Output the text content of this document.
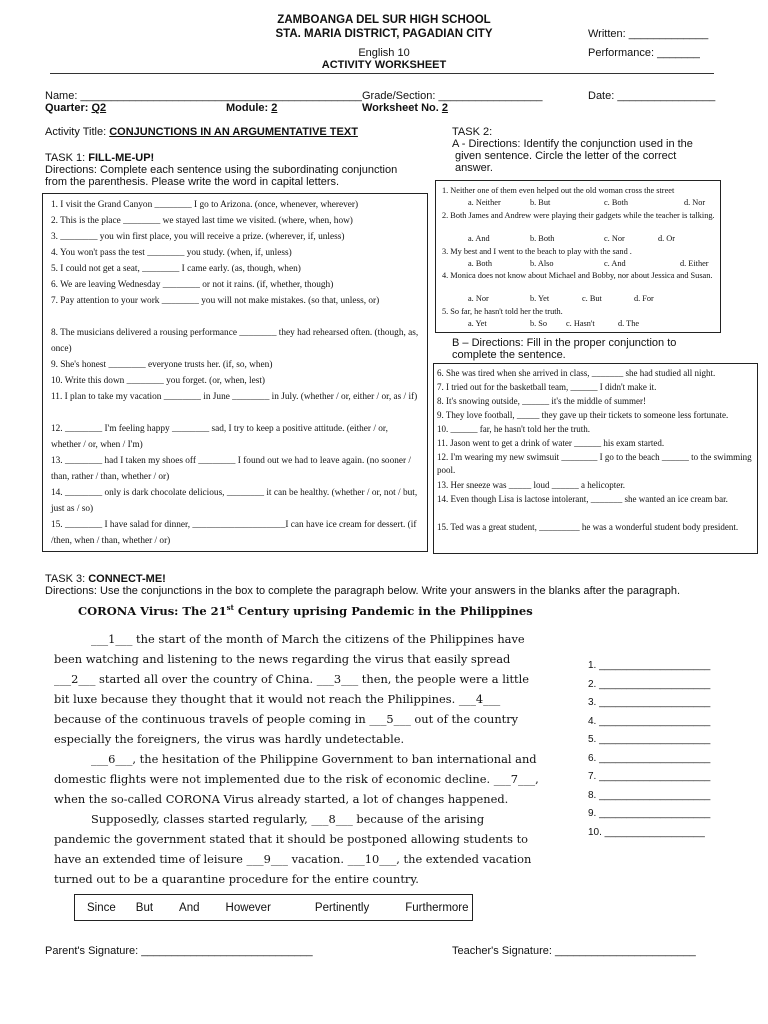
ZAMBOANGA DEL SUR HIGH SCHOOL
STA. MARIA DISTRICT, PAGADIAN CITY	Written: _____________
English 10	Performance: _______
ACTIVITY WORKSHEET
Name: ______________________________________________ Grade/Section: _________________	Date: ________________
Quarter: Q2	Module: 2	Worksheet No. 2
Activity Title: CONJUNCTIONS IN AN ARGUMENTATIVE TEXT
TASK 1: FILL-ME-UP!
Directions: Complete each sentence using the subordinating conjunction
from the parenthesis. Please write the word in capital letters.
1. I visit the Grand Canyon ________ I go to Arizona. (once, whenever, wherever)
2. This is the place ________ we stayed last time we visited. (where, when, how)
3. ________ you win first place, you will receive a prize. (wherever, if, unless)
4. You won't pass the test ________ you study. (when, if, unless)
5. I could not get a seat, ________ I came early. (as, though, when)
6. We are leaving Wednesday ________ or not it rains. (if, whether, though)
7. Pay attention to your work ________ you will not make mistakes. (so that, unless, or)
8. The musicians delivered a rousing performance ________ they had rehearsed often. (though, as, once)
9. She's honest ________ everyone trusts her. (if, so, when)
10. Write this down ________ you forget. (or, when, lest)
11. I plan to take my vacation ________ in June ________ in July. (whether / or, either / or, as / if)
12. ________ I'm feeling happy ________ sad, I try to keep a positive attitude. (either / or, whether / or, when / I'm)
13. ________ had I taken my shoes off ________ I found out we had to leave again. (no sooner / than, rather / than, whether / or)
14. ________ only is dark chocolate delicious, ________ it can be healthy. (whether / or, not / but, just as / so)
15. ________ I have salad for dinner, ____________________I can have ice cream for dessert. (if /then, when / than, whether / or)
TASK 2:
A - Directions: Identify the conjunction used in the
given sentence. Circle the letter of the correct
answer.
1. Neither one of them even helped out the old woman cross the street
a. Neither	b. But	c. Both	d. Nor
2. Both James and Andrew were playing their gadgets while the teacher is talking.
a. And	b. Both	c. Nor	d. Or
3. My best and I went to the beach to play with the sand .
a. Both	b. Also	c. And	d. Either
4. Monica does not know about Michael and Bobby, nor about Jessica and Susan.
a. Nor	b. Yet	c. But	d. For
5. So far, he hasn't told her the truth.
a. Yet	b. So c. Hasn't	d. The
B – Directions: Fill in the proper conjunction to
complete the sentence.
6. She was tired when she arrived in class, _______ she had studied all night.
7. I tried out for the basketball team, ______ I didn't make it.
8. It's snowing outside, ______ it's the middle of summer!
9. They love football, _____ they gave up their tickets to someone less fortunate.
10. ______ far, he hasn't told her the truth.
11. Jason went to get a drink of water ______ his exam started.
12. I'm wearing my new swimsuit ________ I go to the beach ______ to the swimming pool.
13. Her sneeze was _____ loud ______ a helicopter.
14. Even though Lisa is lactose intolerant, _______ she wanted an ice cream bar.
15. Ted was a great student, _________ he was a wonderful student body president.
TASK 3: CONNECT-ME!
Directions: Use the conjunctions in the box to complete the paragraph below. Write your answers in the blanks after the paragraph.
CORONA Virus: The 21st Century uprising Pandemic in the Philippines
___1___ the start of the month of March the citizens of the Philippines have
been watching and listening to the news regarding the virus that easily spread
___2___ started all over the country of China. ___3___ then, the people were a little
bit luxe because they thought that it would not reach the Philippines. ___4___
because of the continuous travels of people coming in ___5___ out of the country
especially the foreigners, the virus was hardly undetectable.
___6___, the hesitation of the Philippine Government to ban international and
domestic flights were not implemented due to the risk of economic decline. ___7___,
when the so-called CORONA Virus already started, a lot of changes happened.
Supposedly, classes started regularly, ___8___ because of the arising
pandemic the government stated that it should be postponed allowing students to
have an extended time of leisure ___9___ vacation. ___10___, the extended vacation
turned out to be a quarantine procedure for the entire country.
1. ____________________
2. ____________________
3. ____________________
4. ____________________
5. ____________________
6. ____________________
7. ____________________
8. ____________________
9. ____________________
10. __________________
Since But And However	Pertinently	Furthermore
Parent's Signature: ____________________________	Teacher's Signature: _______________________
